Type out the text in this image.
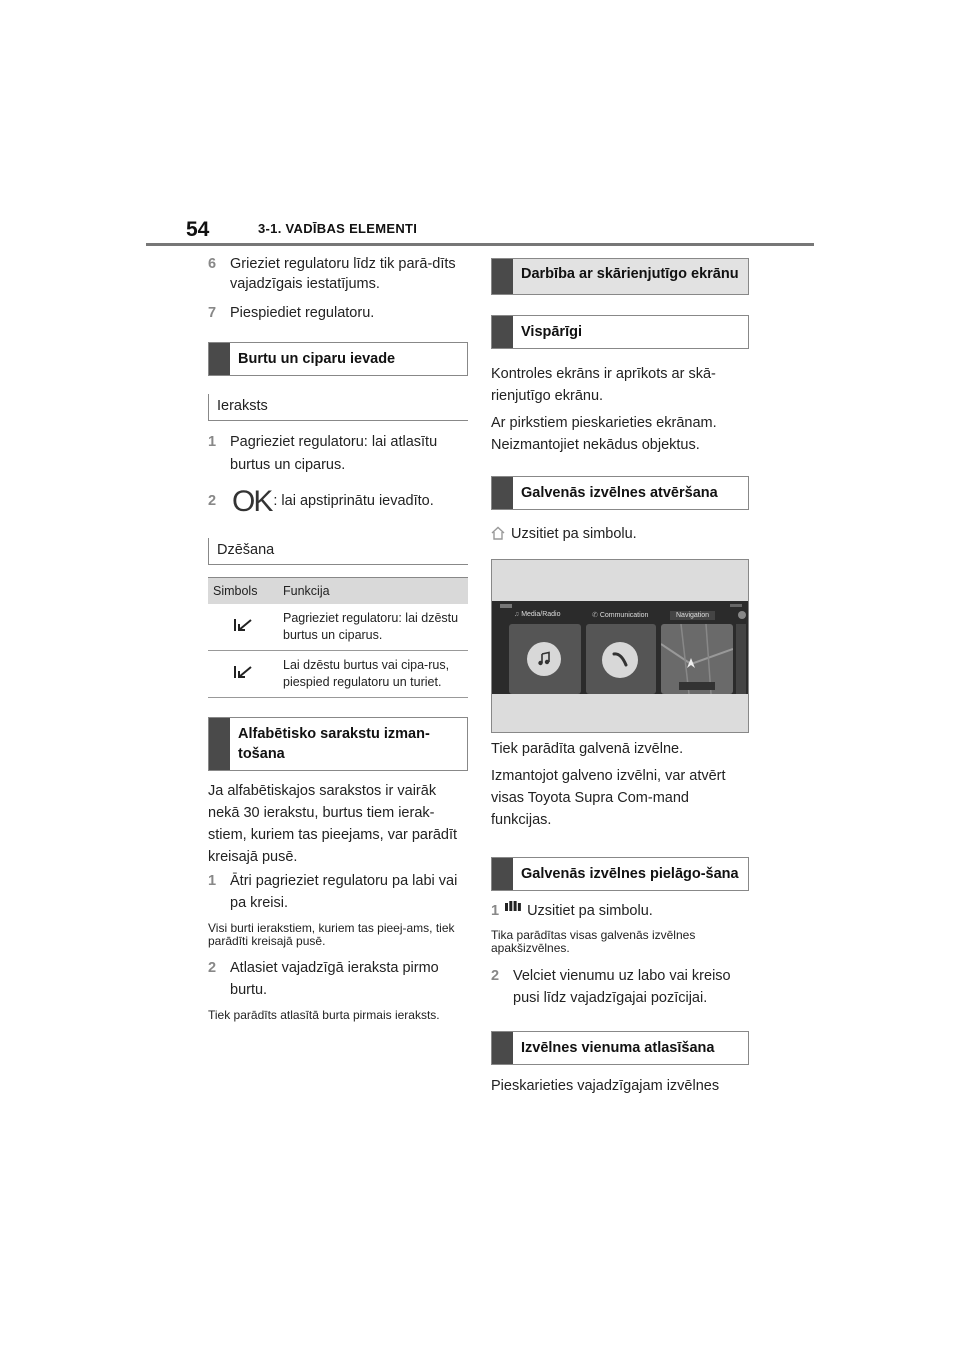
54	3-1. VADĪBAS ELEMENTI
6 Grieziet regulatoru līdz tik parā-dīts vajadzīgais iestatījums.
7 Piespiediet regulatoru.
Burtu un ciparu ievade
Ieraksts
1 Pagrieziet regulatoru: lai atlasītu burtus un ciparus.
2 OK : lai apstiprinātu ievadīto.
Dzēšana
Simbols	Funkcija
	Pagrieziet regulatoru: lai dzēstu burtus un ciparus.
	Lai dzēstu burtus vai cipa-rus, piespied regulatoru un turiet.
Alfabētisko sarakstu izman-tošana
Ja alfabētiskajos sarakstos ir vairāk nekā 30 ierakstu, burtus tiem ierak-stiem, kuriem tas pieejams, var parādīt kreisajā pusē.
1 Ātri pagrieziet regulatoru pa labi vai pa kreisi.
Visi burti ierakstiem, kuriem tas pieej-ams, tiek parādīti kreisajā pusē.
2 Atlasiet vajadzīgā ieraksta pirmo burtu.
Tiek parādīts atlasītā burta pirmais ieraksts.
Darbība ar skārienjutīgo ekrānu
Vispārīgi
Kontroles ekrāns ir aprīkots ar skā-rienjutīgo ekrānu.
Ar pirkstiem pieskarieties ekrānam. Neizmantojiet nekādus objektus.
Galvenās izvēlnes atvēršana
Uzsitiet pa simbolu.
♫ Media/Radio	✆ Communication	Navigation
Tiek parādīta galvenā izvēlne.
Izmantojot galveno izvēlni, var atvērt visas Toyota Supra Com-mand funkcijas.
Galvenās izvēlnes pielāgo-šana
1 Uzsitiet pa simbolu.
Tika parādītas visas galvenās izvēlnes apakšizvēlnes.
2 Velciet vienumu uz labo vai kreiso pusi līdz vajadzīgajai pozīcijai.
Izvēlnes vienuma atlasīšana
Pieskarieties vajadzīgajam izvēlnes
